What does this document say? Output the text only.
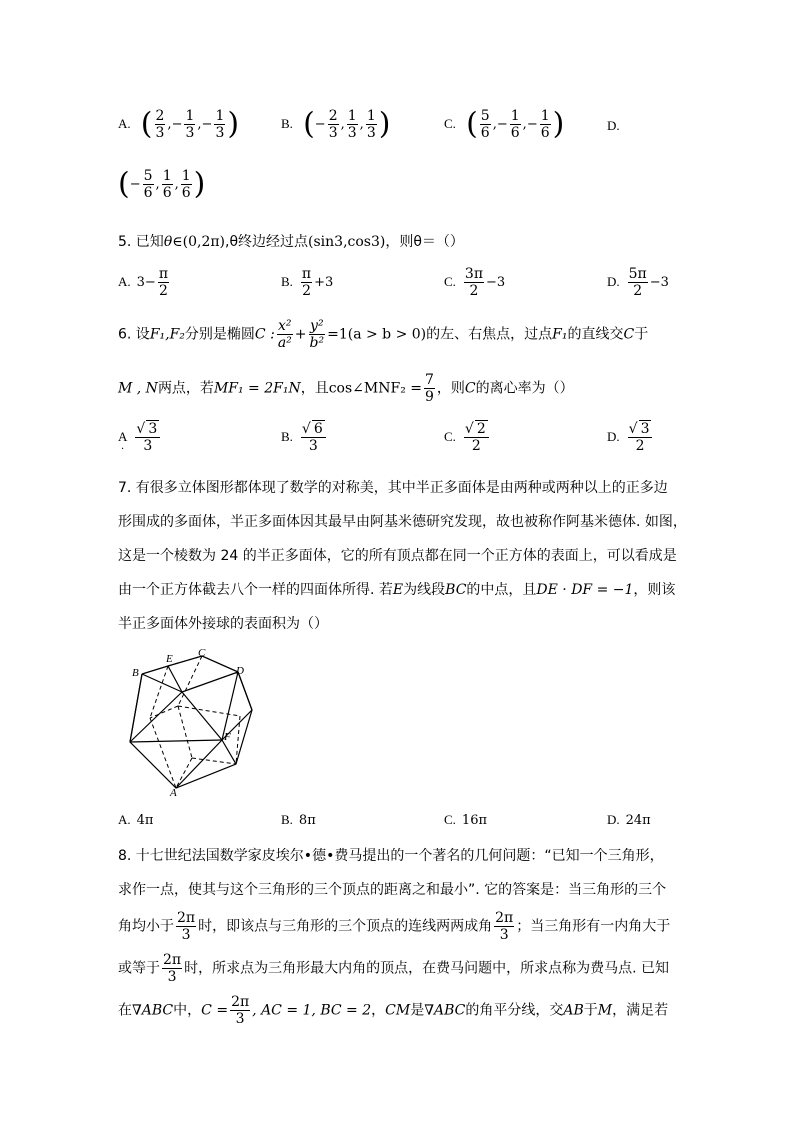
A. ( $\frac{2}{3}$ ,− $\frac{1}{3}$ ,− $\frac{1}{3}$ )	B. (− $\frac{2}{3}$ , $\frac{1}{3}$ , $\frac{1}{3}$ )	C. ( $\frac{5}{6}$ ,− $\frac{1}{6}$ ,− $\frac{1}{6}$ )	D.
(− $\frac{5}{6}$ , $\frac{1}{6}$ , $\frac{1}{6}$ )
5. 已知θ∈(0,2π),θ终边经过点(sin3,cos3)，则θ＝（）
A. $3- \frac{\pi}{2}$	B. $\frac{\pi}{2} +3$	C. $\frac{3\pi}{2} -3$	D. $\frac{5\pi}{2} -3$
6. 设F₁,F₂分别是椭圆C : $\frac{\text{x²}}{\text{a²}} + \frac{\text{y²}}{\text{b²}} =1(a > b > 0)$的左、右焦点，过点F₁的直线交C于
M , N两点，若MF₁ = 2F₁N，且cos∠MNF₂ = $\frac{7}{9}$ ，则C的离心率为（）
A $\frac{√ 3}{3}$
·
B. $\frac{√ 6}{3}$	C. $\frac{√ 2}{2}$	D. $\frac{√ 3}{2}$
7. 有很多立体图形都体现了数学的对称美，其中半正多面体是由两种或两种以上的正多边
形围成的多面体，半正多面体因其最早由阿基米德研究发现，故也被称作阿基米德体. 如图，
这是一个棱数为 24 的半正多面体，它的所有顶点都在同一个正方体的表面上，可以看成是
由一个正方体截去八个一样的四面体所得. 若E为线段BC的中点，且DE · DF = −1，则该
半正多面体外接球的表面积为（）
B
E C
D
F
A
A. 4π	B. 8π	C. 16π	D. 24π
8. 十七世纪法国数学家皮埃尔•德•费马提出的一个著名的几何问题：“已知一个三角形，
求作一点，使其与这个三角形的三个顶点的距离之和最小”. 它的答案是：当三角形的三个
角均小于 $\frac{2\pi}{3}$ 时，即该点与三角形的三个顶点的连线两两成角 $\frac{2\pi}{3}$ ；当三角形有一内角大于
或等于 $\frac{2\pi}{3}$ 时，所求点为三角形最大内角的顶点，在费马问题中，所求点称为费马点. 已知
在∇ABC中，$C = \frac{2\pi}{3}$ , AC = 1, BC = 2，CM是∇ABC的角平分线，交AB于M，满足若
